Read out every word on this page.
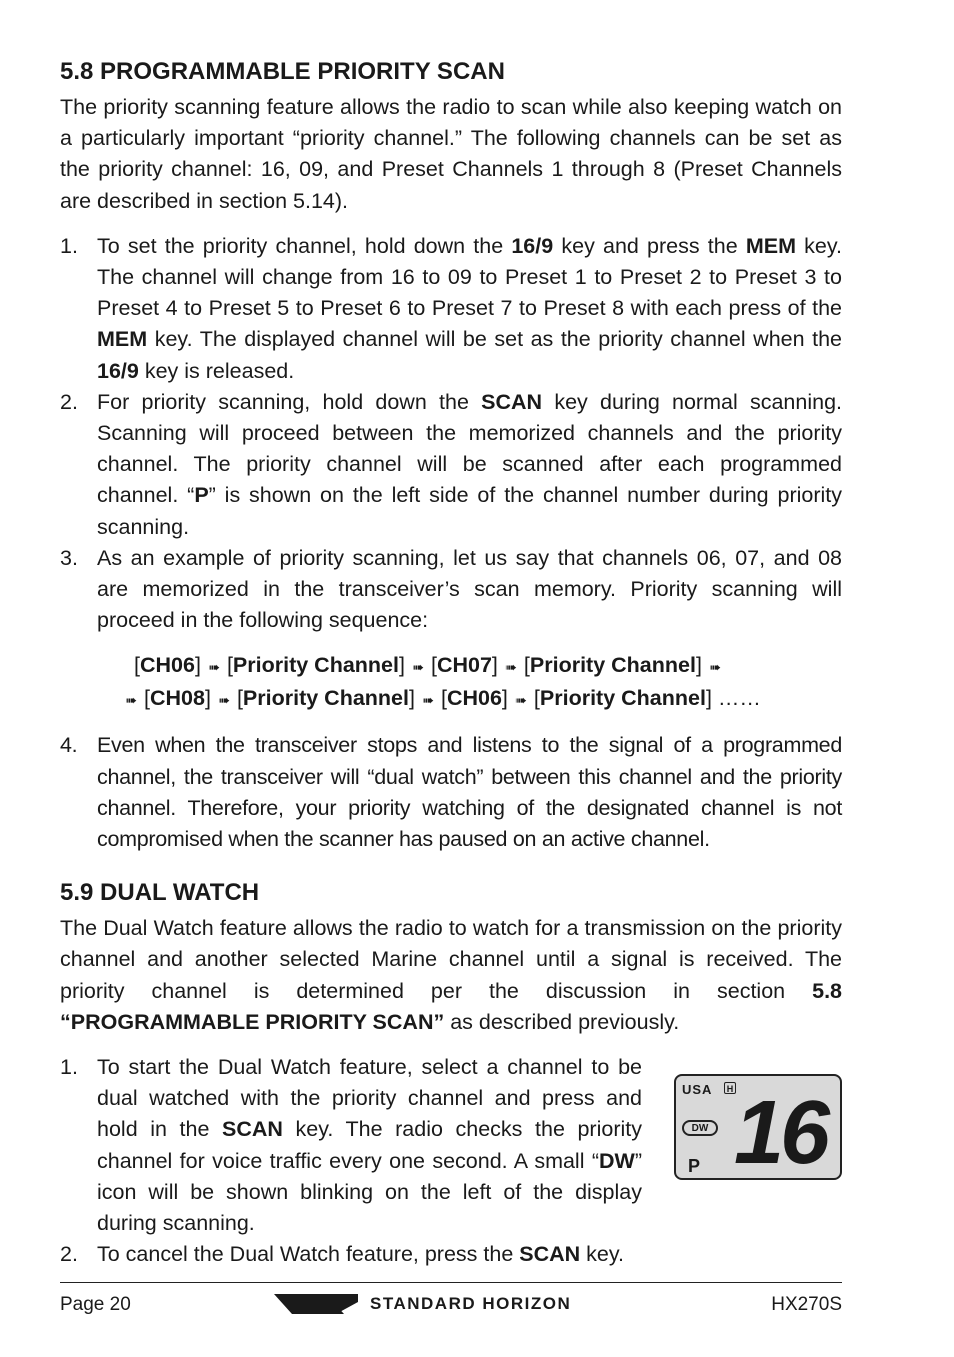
5.8 PROGRAMMABLE PRIORITY SCAN

The priority scanning feature allows the radio to scan while also keeping watch on a particularly important “priority channel.” The following channels can be set as the priority channel: 16, 09, and Preset Channels 1 through 8 (Preset Channels are described in section 5.14).

1. To set the priority channel, hold down the 16/9 key and press the MEM key. The channel will change from 16 to 09 to Preset 1 to Preset 2 to Preset 3 to Preset 4 to Preset 5 to Preset 6 to Preset 7 to Preset 8 with each press of the MEM key. The displayed channel will be set as the priority channel when the 16/9 key is released.
2. For priority scanning, hold down the SCAN key during normal scanning. Scanning will proceed between the memorized channels and the priority channel. The priority channel will be scanned after each programmed channel. “P” is shown on the left side of the channel number during priority scanning.
3. As an example of priority scanning, let us say that channels 06, 07, and 08 are memorized in the transceiver’s scan memory. Priority scanning will proceed in the following sequence:
[CH06] ➠ [Priority Channel] ➠ [CH07] ➠ [Priority Channel] ➠
➠ [CH08] ➠ [Priority Channel] ➠ [CH06] ➠ [Priority Channel] ……
4. Even when the transceiver stops and listens to the signal of a programmed channel, the transceiver will “dual watch” between this channel and the priority channel. Therefore, your priority watching of the designated channel is not compromised when the scanner has paused on an active channel.
5.9 DUAL WATCH

The Dual Watch feature allows the radio to watch for a transmission on the priority channel and another selected Marine channel until a signal is received. The priority channel is determined per the discussion in section 5.8 “PROGRAMMABLE PRIORITY SCAN” as described previously.

1. To start the Dual Watch feature, select a channel to be dual watched with the priority channel and press and hold in the SCAN key. The radio checks the priority channel for voice traffic every one second. A small “DW” icon will be shown blinking on the left of the display during scanning.
2. To cancel the Dual Watch feature, press the SCAN key.
USA	H
DW
P 16
Page 20	STANDARD HORIZON	HX270S
